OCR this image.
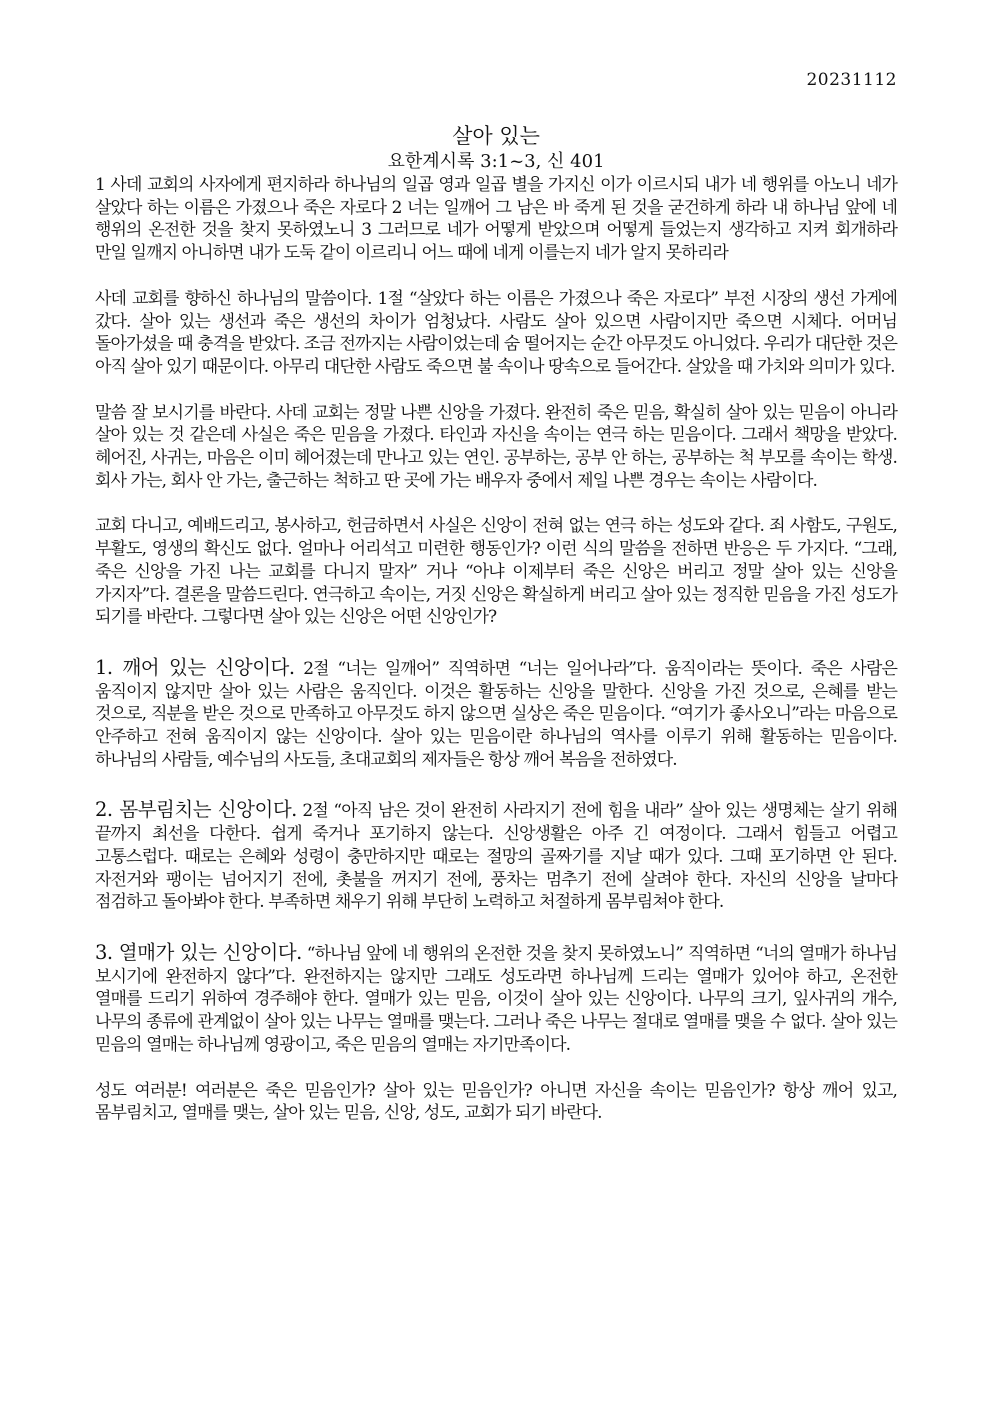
20231112

살아 있는

요한계시록 3:1~3, 신 401

1 사데 교회의 사자에게 편지하라 하나님의 일곱 영과 일곱 별을 가지신 이가 이르시되 내가 네 행위를 아노니 네가 살았다 하는 이름은 가졌으나 죽은 자로다 2 너는 일깨어 그 남은 바 죽게 된 것을 굳건하게 하라 내 하나님 앞에 네 행위의 온전한 것을 찾지 못하였노니 3 그러므로 네가 어떻게 받았으며 어떻게 들었는지 생각하고 지켜 회개하라 만일 일깨지 아니하면 내가 도둑 같이 이르리니 어느 때에 네게 이를는지 네가 알지 못하리라

사데 교회를 향하신 하나님의 말씀이다. 1절 “살았다 하는 이름은 가졌으나 죽은 자로다” 부전 시장의 생선 가게에 갔다. 살아 있는 생선과 죽은 생선의 차이가 엄청났다. 사람도 살아 있으면 사람이지만 죽으면 시체다. 어머님 돌아가셨을 때 충격을 받았다. 조금 전까지는 사람이었는데 숨 떨어지는 순간 아무것도 아니었다. 우리가 대단한 것은 아직 살아 있기 때문이다. 아무리 대단한 사람도 죽으면 불 속이나 땅속으로 들어간다. 살았을 때 가치와 의미가 있다.

말씀 잘 보시기를 바란다. 사데 교회는 정말 나쁜 신앙을 가졌다. 완전히 죽은 믿음, 확실히 살아 있는 믿음이 아니라 살아 있는 것 같은데 사실은 죽은 믿음을 가졌다. 타인과 자신을 속이는 연극 하는 믿음이다. 그래서 책망을 받았다. 헤어진, 사귀는, 마음은 이미 헤어졌는데 만나고 있는 연인. 공부하는, 공부 안 하는, 공부하는 척 부모를 속이는 학생. 회사 가는, 회사 안 가는, 출근하는 척하고 딴 곳에 가는 배우자 중에서 제일 나쁜 경우는 속이는 사람이다.

교회 다니고, 예배드리고, 봉사하고, 헌금하면서 사실은 신앙이 전혀 없는 연극 하는 성도와 같다. 죄 사함도, 구원도, 부활도, 영생의 확신도 없다. 얼마나 어리석고 미련한 행동인가? 이런 식의 말씀을 전하면 반응은 두 가지다. “그래, 죽은 신앙을 가진 나는 교회를 다니지 말자” 거나 “아냐 이제부터 죽은 신앙은 버리고 정말 살아 있는 신앙을 가지자”다. 결론을 말씀드린다. 연극하고 속이는, 거짓 신앙은 확실하게 버리고 살아 있는 정직한 믿음을 가진 성도가 되기를 바란다. 그렇다면 살아 있는 신앙은 어떤 신앙인가?

1. 깨어 있는 신앙이다. 2절 “너는 일깨어” 직역하면 “너는 일어나라”다. 움직이라는 뜻이다. 죽은 사람은 움직이지 않지만 살아 있는 사람은 움직인다. 이것은 활동하는 신앙을 말한다. 신앙을 가진 것으로, 은혜를 받는 것으로, 직분을 받은 것으로 만족하고 아무것도 하지 않으면 실상은 죽은 믿음이다. “여기가 좋사오니”라는 마음으로 안주하고 전혀 움직이지 않는 신앙이다. 살아 있는 믿음이란 하나님의 역사를 이루기 위해 활동하는 믿음이다. 하나님의 사람들, 예수님의 사도들, 초대교회의 제자들은 항상 깨어 복음을 전하였다.

2. 몸부림치는 신앙이다. 2절 “아직 남은 것이 완전히 사라지기 전에 힘을 내라” 살아 있는 생명체는 살기 위해 끝까지 최선을 다한다. 쉽게 죽거나 포기하지 않는다. 신앙생활은 아주 긴 여정이다. 그래서 힘들고 어렵고 고통스럽다. 때로는 은혜와 성령이 충만하지만 때로는 절망의 골짜기를 지날 때가 있다. 그때 포기하면 안 된다. 자전거와 팽이는 넘어지기 전에, 촛불을 꺼지기 전에, 풍차는 멈추기 전에 살려야 한다. 자신의 신앙을 날마다 점검하고 돌아봐야 한다. 부족하면 채우기 위해 부단히 노력하고 처절하게 몸부림쳐야 한다.

3. 열매가 있는 신앙이다. “하나님 앞에 네 행위의 온전한 것을 찾지 못하였노니” 직역하면 “너의 열매가 하나님 보시기에 완전하지 않다”다. 완전하지는 않지만 그래도 성도라면 하나님께 드리는 열매가 있어야 하고, 온전한 열매를 드리기 위하여 경주해야 한다. 열매가 있는 믿음, 이것이 살아 있는 신앙이다. 나무의 크기, 잎사귀의 개수, 나무의 종류에 관계없이 살아 있는 나무는 열매를 맺는다. 그러나 죽은 나무는 절대로 열매를 맺을 수 없다. 살아 있는 믿음의 열매는 하나님께 영광이고, 죽은 믿음의 열매는 자기만족이다.

성도 여러분! 여러분은 죽은 믿음인가? 살아 있는 믿음인가? 아니면 자신을 속이는 믿음인가? 항상 깨어 있고, 몸부림치고, 열매를 맺는, 살아 있는 믿음, 신앙, 성도, 교회가 되기 바란다.
